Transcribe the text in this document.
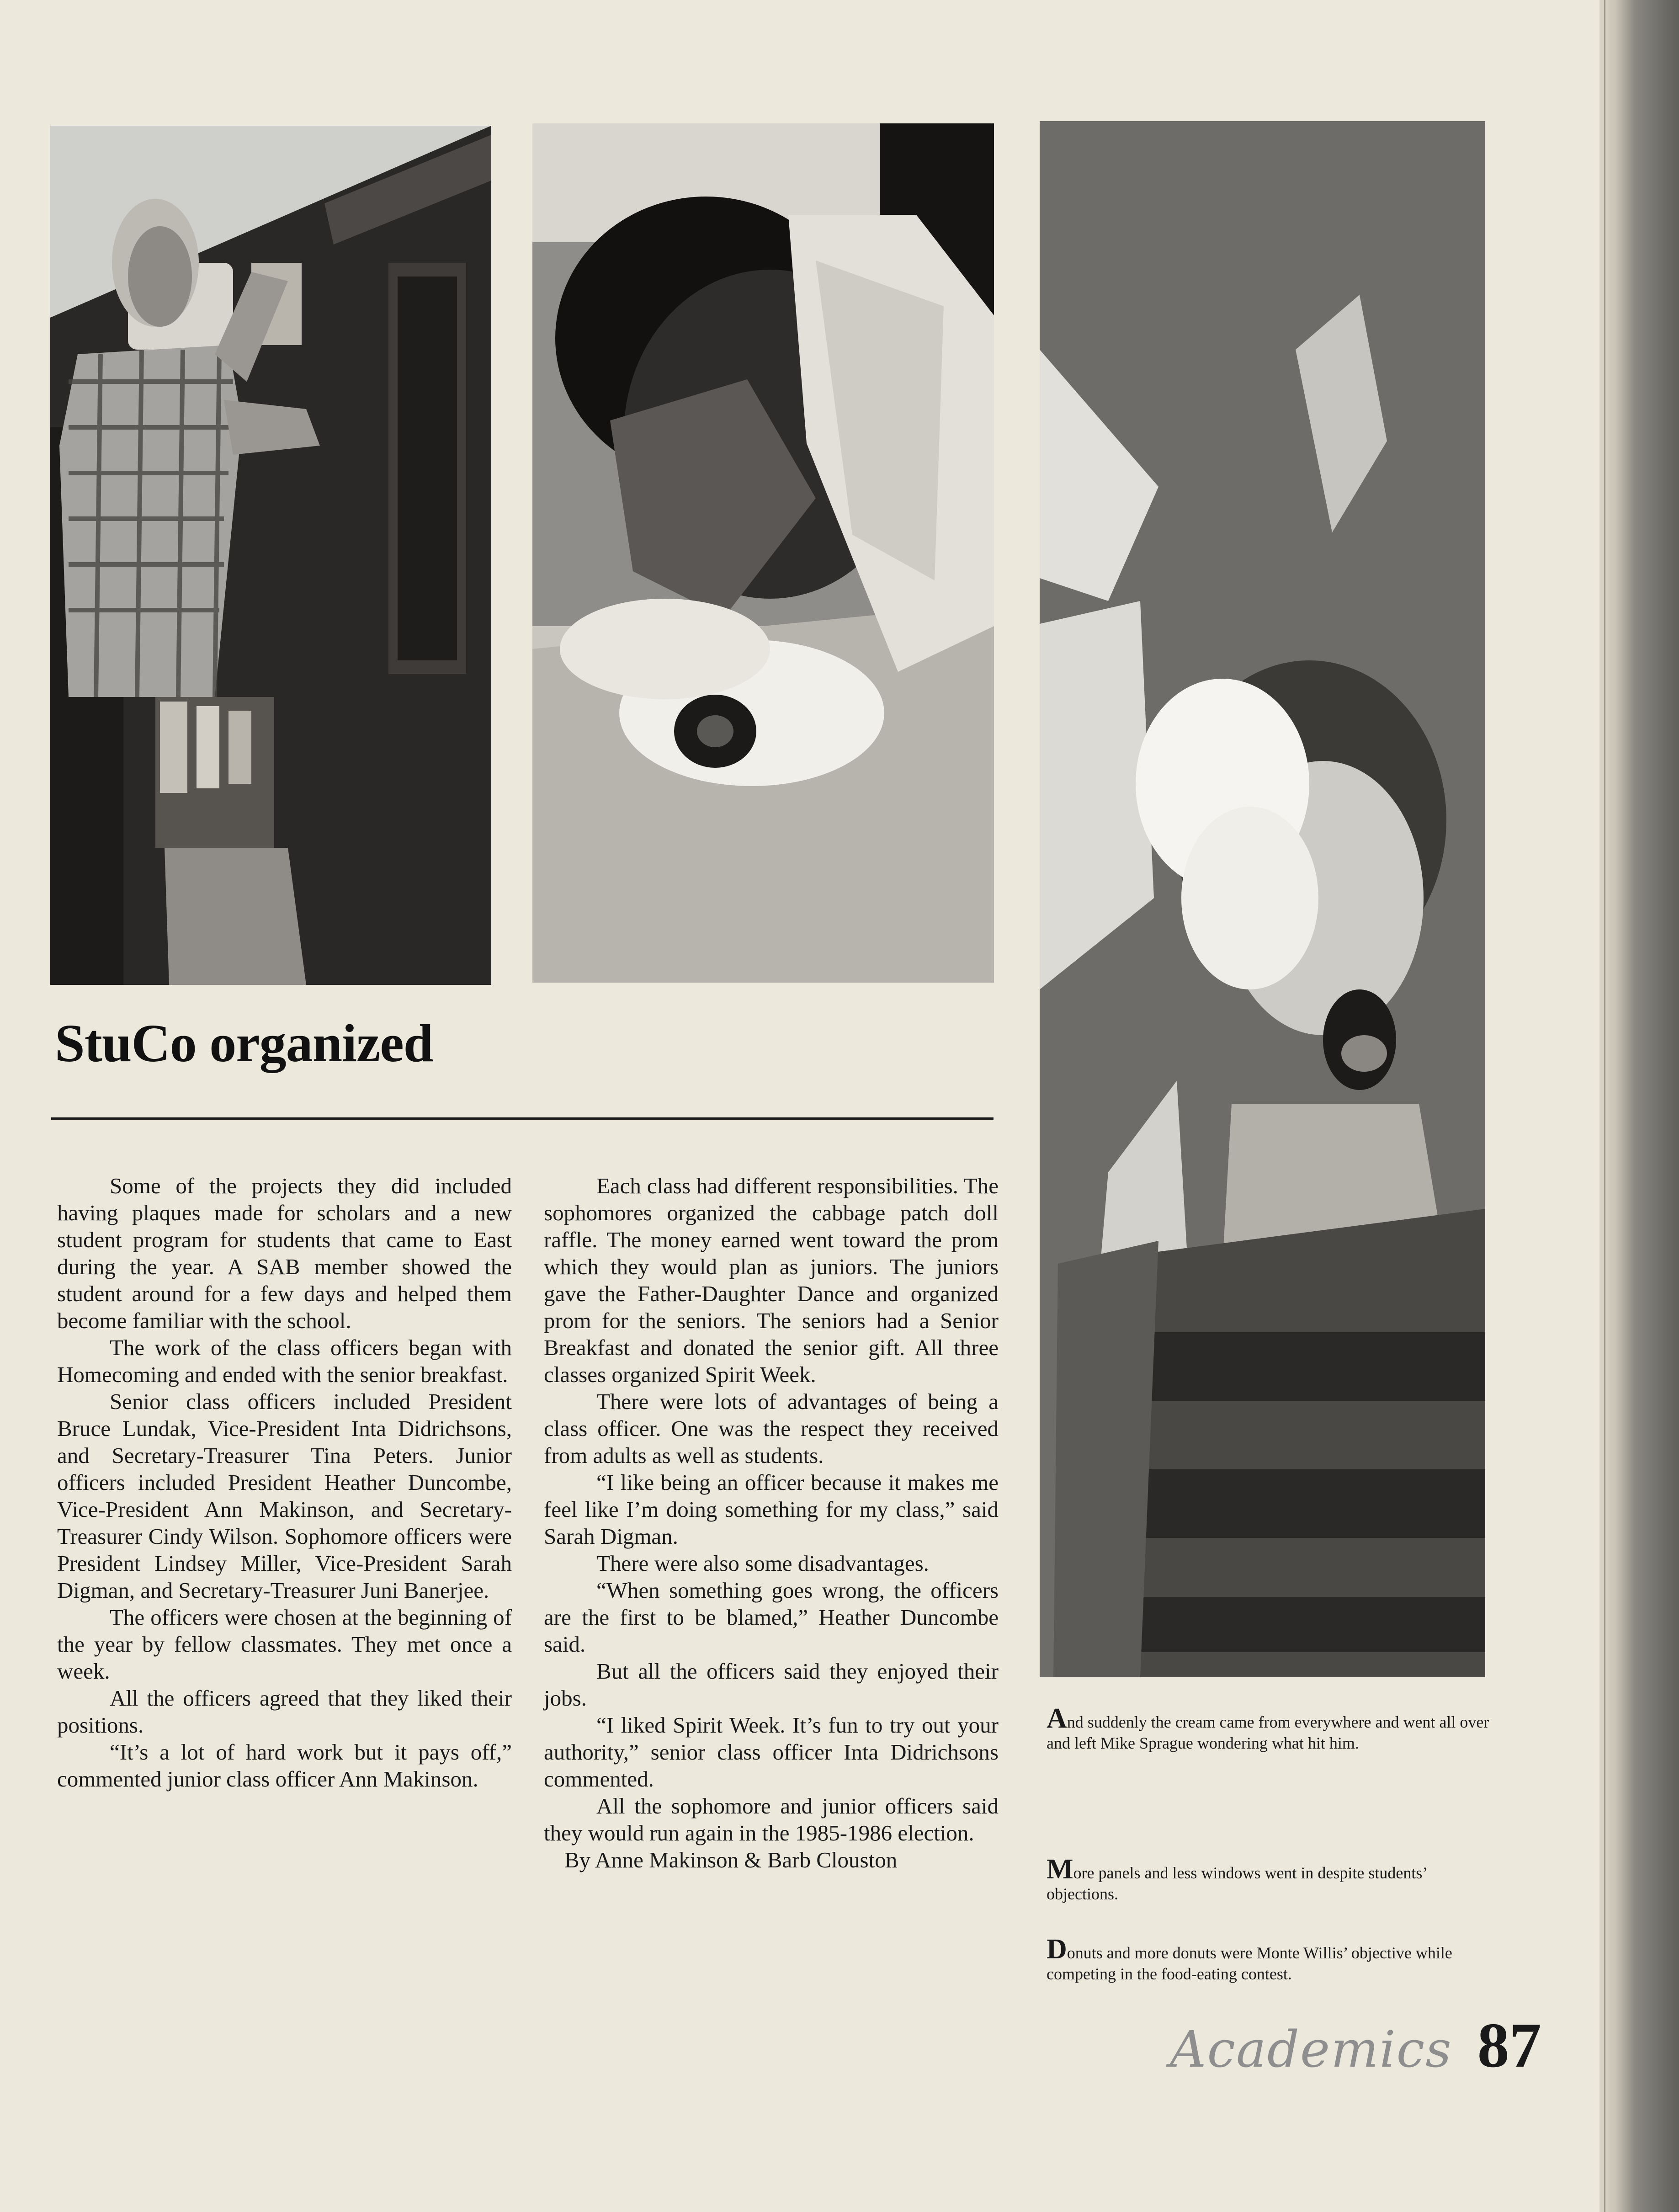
StuCo organized

Some of the projects they did included having plaques made for scholars and a new student program for students that came to East during the year. A SAB member showed the student around for a few days and helped them become familiar with the school.

The work of the class officers began with Homecoming and ended with the senior breakfast.

Senior class officers included President Bruce Lundak, Vice-President Inta Didrichsons, and Secretary-Treasurer Tina Peters. Junior officers included President Heather Duncombe, Vice-President Ann Makinson, and Secretary-Treasurer Cindy Wilson. Sophomore officers were President Lindsey Miller, Vice-President Sarah Digman, and Secretary-Treasurer Juni Banerjee.

The officers were chosen at the beginning of the year by fellow classmates. They met once a week.

All the officers agreed that they liked their positions.

“It’s a lot of hard work but it pays off,” commented junior class officer Ann Makinson.

Each class had different responsibilities. The sophomores organized the cabbage patch doll raffle. The money earned went toward the prom which they would plan as juniors. The juniors gave the Father-Daughter Dance and organized prom for the seniors. The seniors had a Senior Breakfast and donated the senior gift. All three classes organized Spirit Week.

There were lots of advantages of being a class officer. One was the respect they received from adults as well as students.

“I like being an officer because it makes me feel like I’m doing something for my class,” said Sarah Digman.

There were also some disadvantages.

“When something goes wrong, the officers are the first to be blamed,” Heather Duncombe said.

But all the officers said they enjoyed their jobs.

“I liked Spirit Week. It’s fun to try out your authority,” senior class officer Inta Didrichsons commented.

All the sophomore and junior officers said they would run again in the 1985-1986 election.

By Anne Makinson & Barb Clouston

And suddenly the cream came from everywhere and went all over and left Mike Sprague wondering what hit him.

More panels and less windows went in despite students’ objections.

Donuts and more donuts were Monte Willis’ objective while competing in the food-eating contest.

Academics 87
